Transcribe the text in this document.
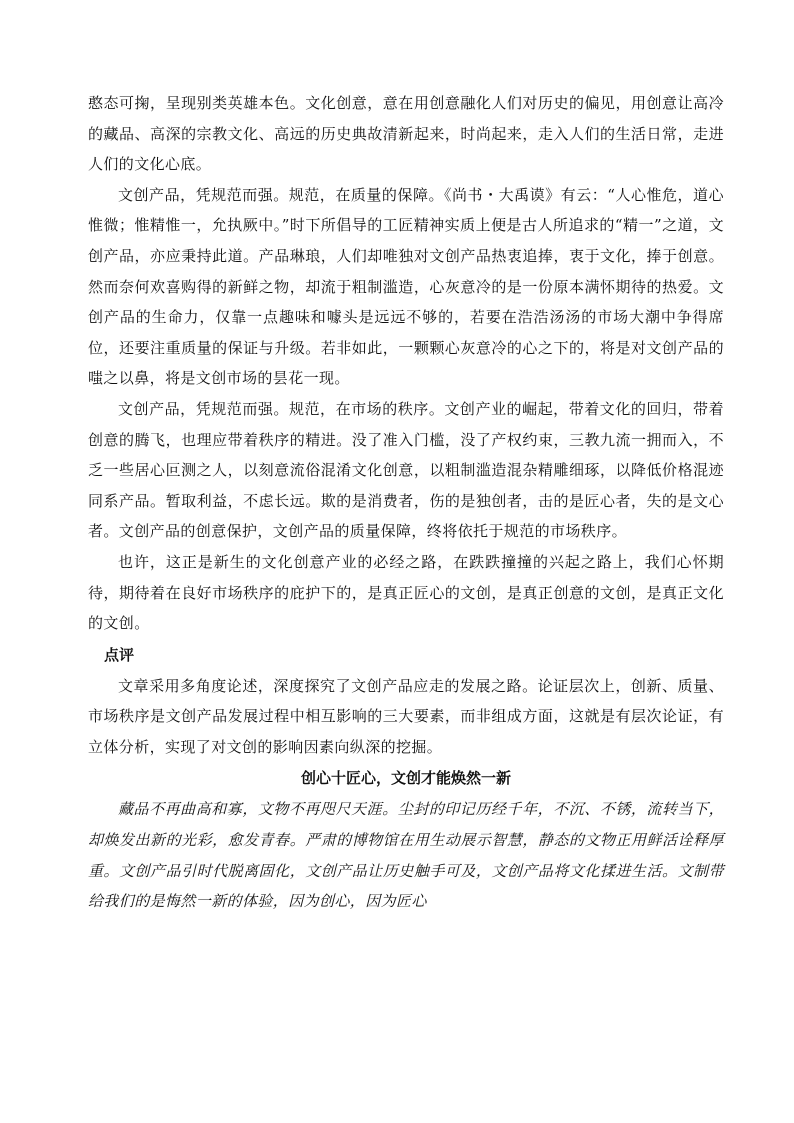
憨态可掬，呈现别类英雄本色。文化创意，意在用创意融化人们对历史的偏见，用创意让高冷的藏品、高深的宗教文化、高远的历史典故清新起来，时尚起来，走入人们的生活日常，走进人们的文化心底。

文创产品，凭规范而强。规范，在质量的保障。《尚书・大禹谟》有云：“人心惟危，道心惟微；惟精惟一，允执厥中。”时下所倡导的工匠精神实质上便是古人所追求的“精一”之道，文创产品，亦应秉持此道。产品琳琅，人们却唯独对文创产品热衷追捧，衷于文化，捧于创意。然而奈何欢喜购得的新鲜之物，却流于粗制滥造，心灰意冷的是一份原本满怀期待的热爱。文创产品的生命力，仅靠一点趣味和噱头是远远不够的，若要在浩浩汤汤的市场大潮中争得席位，还要注重质量的保证与升级。若非如此，一颗颗心灰意冷的心之下的，将是对文创产品的嗤之以鼻，将是文创市场的昙花一现。

文创产品，凭规范而强。规范，在市场的秩序。文创产业的崛起，带着文化的回归，带着创意的腾飞，也理应带着秩序的精进。没了准入门槛，没了产权约束，三教九流一拥而入，不乏一些居心叵测之人，以刻意流俗混淆文化创意，以粗制滥造混杂精雕细琢，以降低价格混迹同系产品。暂取利益，不虑长远。欺的是消费者，伤的是独创者，击的是匠心者，失的是文心者。文创产品的创意保护，文创产品的质量保障，终将依托于规范的市场秩序。

也许，这正是新生的文化创意产业的必经之路，在跌跌撞撞的兴起之路上，我们心怀期待，期待着在良好市场秩序的庇护下的，是真正匠心的文创，是真正创意的文创，是真正文化的文创。

点评

文章采用多角度论述，深度探究了文创产品应走的发展之路。论证层次上，创新、质量、市场秩序是文创产品发展过程中相互影响的三大要素，而非组成方面，这就是有层次论证，有立体分析，实现了对文创的影响因素向纵深的挖掘。

创心十匠心，文创才能焕然一新

藏品不再曲高和寡，文物不再咫尺天涯。尘封的印记历经千年，不沉、不锈，流转当下，却焕发出新的光彩，愈发青春。严肃的博物馆在用生动展示智慧，静态的文物正用鲜活诠释厚重。文创产品引时代脱离固化，文创产品让历史触手可及，文创产品将文化揉进生活。文制带给我们的是悔然一新的体验，因为创心，因为匠心
